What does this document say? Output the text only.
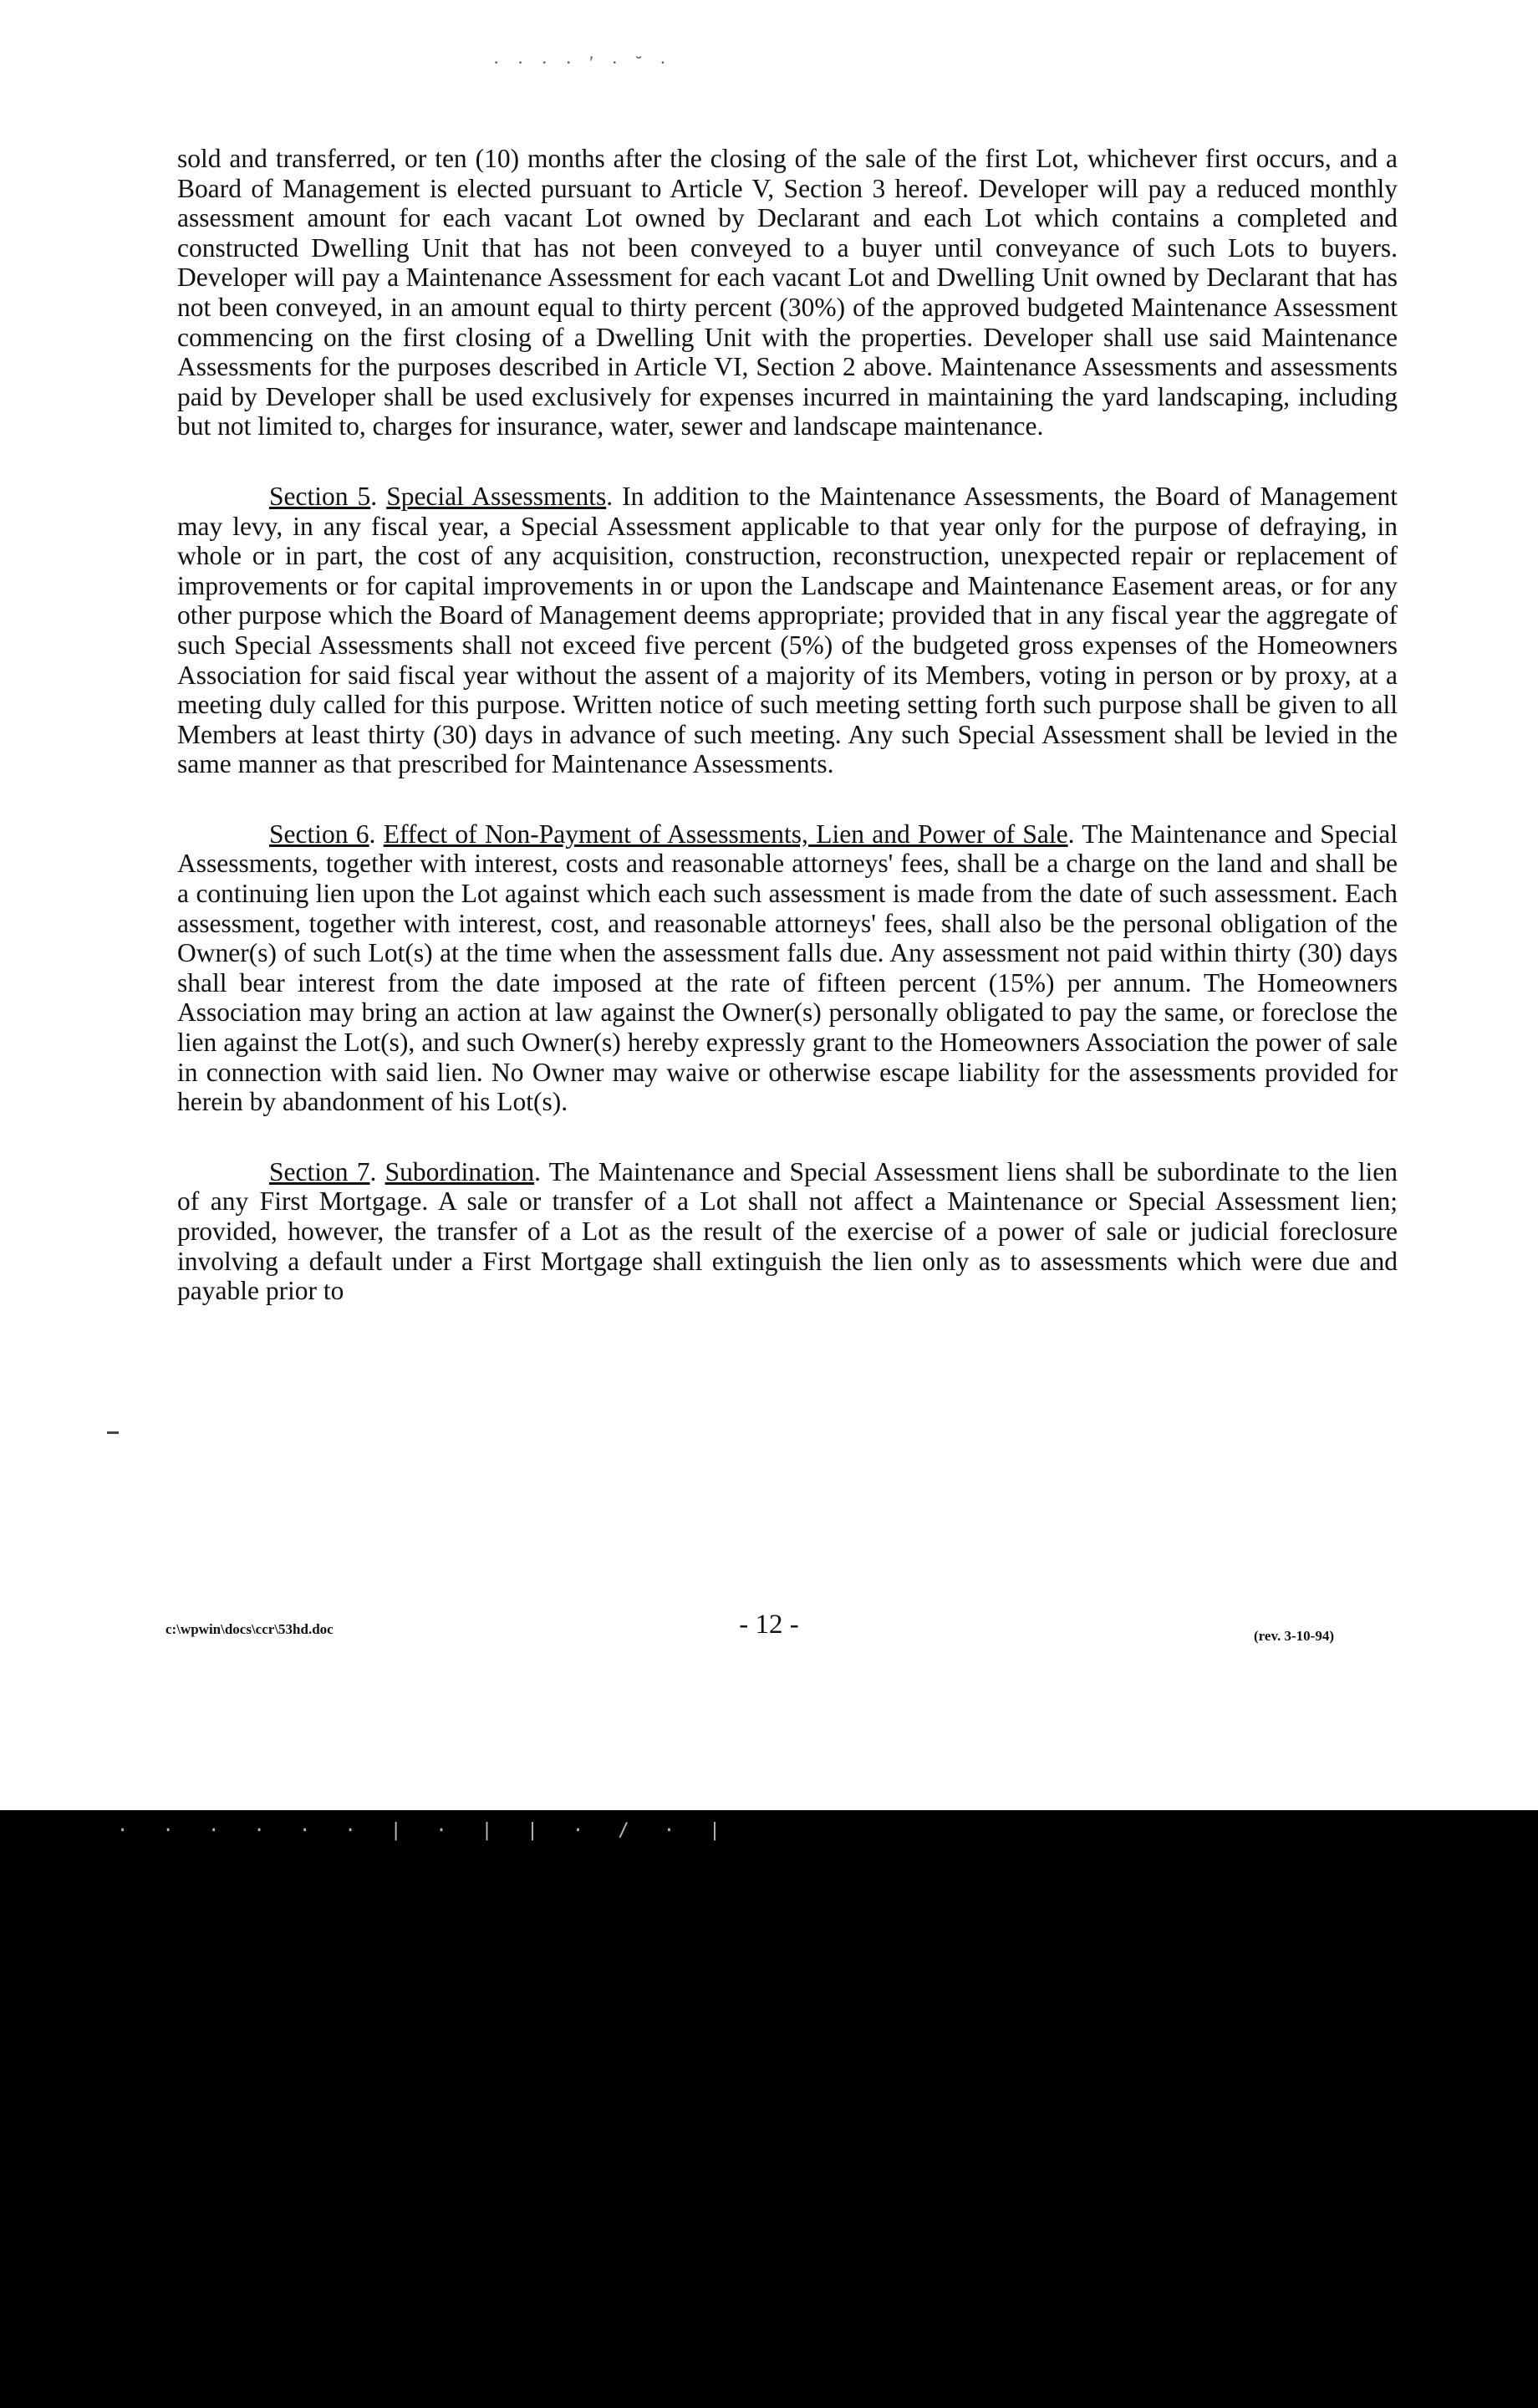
· · · · ′ · ˘ ·

sold and transferred, or ten (10) months after the closing of the sale of the first Lot, whichever first occurs, and a Board of Management is elected pursuant to Article V, Section 3 hereof. Developer will pay a reduced monthly assessment amount for each vacant Lot owned by Declarant and each Lot which contains a completed and constructed Dwelling Unit that has not been conveyed to a buyer until conveyance of such Lots to buyers. Developer will pay a Maintenance Assessment for each vacant Lot and Dwelling Unit owned by Declarant that has not been conveyed, in an amount equal to thirty percent (30%) of the approved budgeted Maintenance Assessment commencing on the first closing of a Dwelling Unit with the properties. Developer shall use said Maintenance Assessments for the purposes described in Article VI, Section 2 above. Maintenance Assessments and assessments paid by Developer shall be used exclusively for expenses incurred in maintaining the yard landscaping, including but not limited to, charges for insurance, water, sewer and landscape maintenance.

Section 5. Special Assessments. In addition to the Maintenance Assessments, the Board of Management may levy, in any fiscal year, a Special Assessment applicable to that year only for the purpose of defraying, in whole or in part, the cost of any acquisition, construction, reconstruction, unexpected repair or replacement of improvements or for capital improvements in or upon the Landscape and Maintenance Easement areas, or for any other purpose which the Board of Management deems appropriate; provided that in any fiscal year the aggregate of such Special Assessments shall not exceed five percent (5%) of the budgeted gross expenses of the Homeowners Association for said fiscal year without the assent of a majority of its Members, voting in person or by proxy, at a meeting duly called for this purpose. Written notice of such meeting setting forth such purpose shall be given to all Members at least thirty (30) days in advance of such meeting. Any such Special Assessment shall be levied in the same manner as that prescribed for Maintenance Assessments.

Section 6. Effect of Non-Payment of Assessments, Lien and Power of Sale. The Maintenance and Special Assessments, together with interest, costs and reasonable attorneys' fees, shall be a charge on the land and shall be a continuing lien upon the Lot against which each such assessment is made from the date of such assessment. Each assessment, together with interest, cost, and reasonable attorneys' fees, shall also be the personal obligation of the Owner(s) of such Lot(s) at the time when the assessment falls due. Any assessment not paid within thirty (30) days shall bear interest from the date imposed at the rate of fifteen percent (15%) per annum. The Homeowners Association may bring an action at law against the Owner(s) personally obligated to pay the same, or foreclose the lien against the Lot(s), and such Owner(s) hereby expressly grant to the Homeowners Association the power of sale in connection with said lien. No Owner may waive or otherwise escape liability for the assessments provided for herein by abandonment of his Lot(s).

Section 7. Subordination. The Maintenance and Special Assessment liens shall be subordinate to the lien of any First Mortgage. A sale or transfer of a Lot shall not affect a Maintenance or Special Assessment lien; provided, however, the transfer of a Lot as the result of the exercise of a power of sale or judicial foreclosure involving a default under a First Mortgage shall extinguish the lien only as to assessments which were due and payable prior to

c:\wpwin\docs\ccr\53hd.doc	- 12 -	(rev. 3-10-94)
· · · · · · | · | | · / · |
